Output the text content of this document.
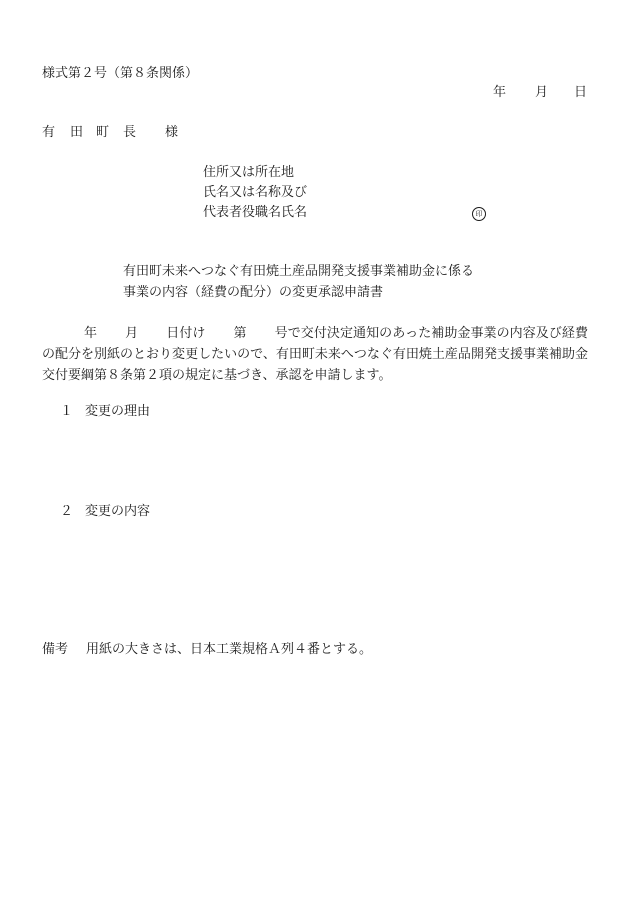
様式第２号（第８条関係）
年 月 日
有 田 町 長 様
住所又は所在地
氏名又は名称及び
代表者役職名氏名	印
有田町未来へつなぐ有田焼土産品開発支援事業補助金に係る
事業の内容（経費の配分）の変更承認申請書
年 月 日付け 第 号で交付決定通知のあった補助金事業の内容及び経費の配分を別紙のとおり変更したいので、有田町未来へつなぐ有田焼土産品開発支援事業補助金交付要綱第８条第２項の規定に基づき、承認を申請します。
１ 変更の理由
２ 変更の内容
備考 用紙の大きさは、日本工業規格Ａ列４番とする。
